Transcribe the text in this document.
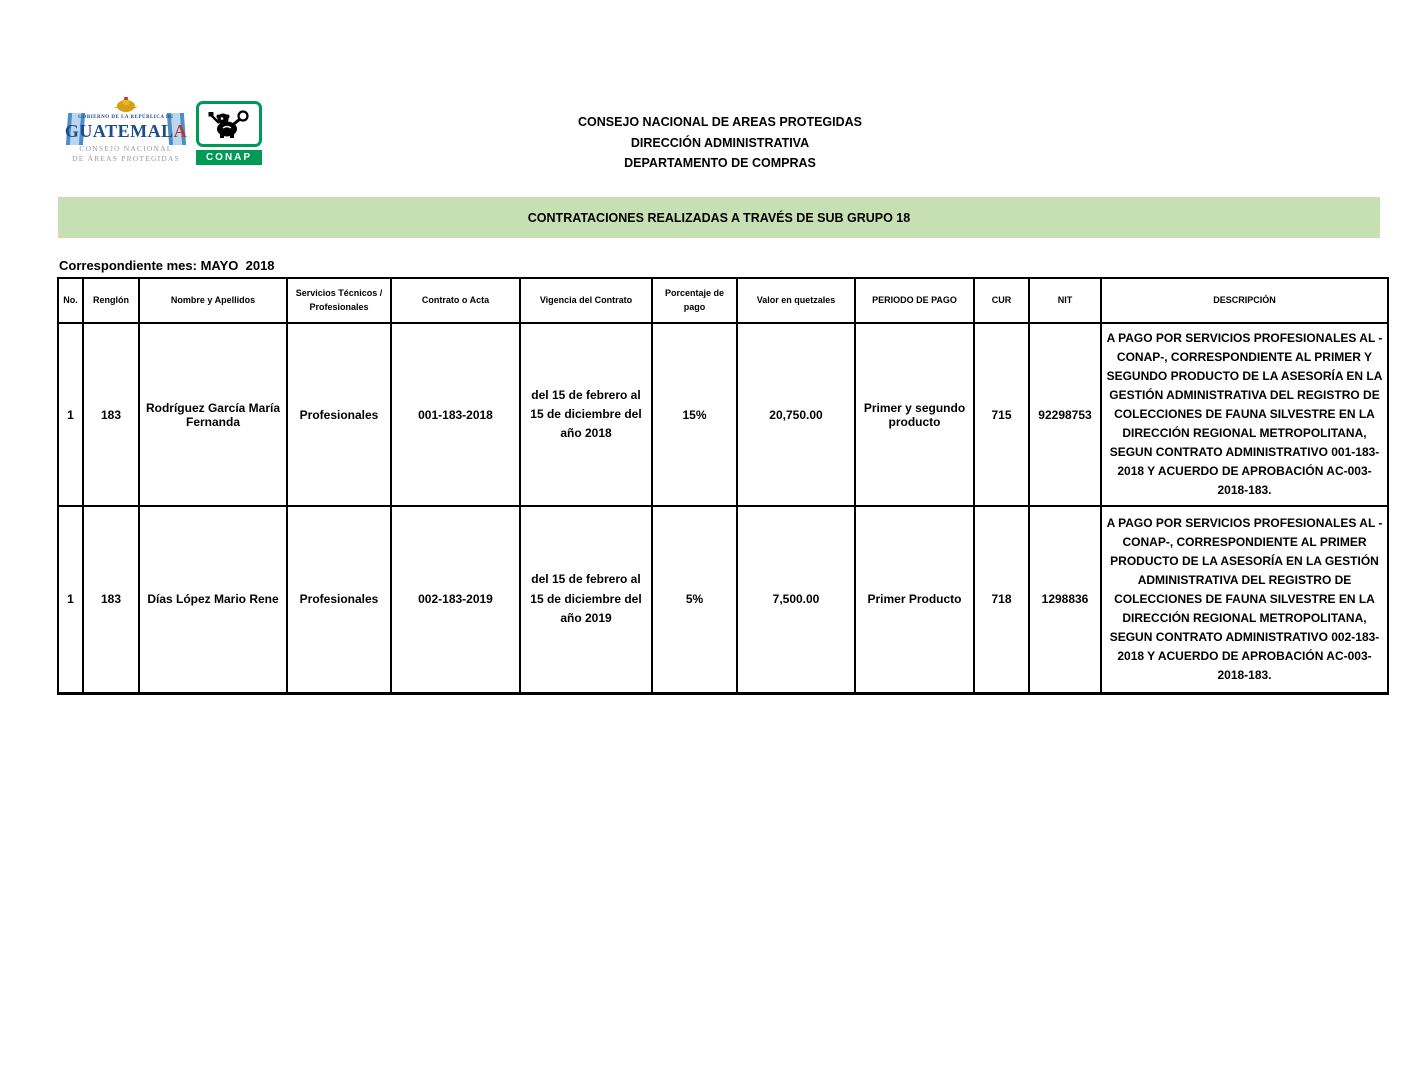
GOBIERNO DE LA REPÚBLICA DE
GUATEMALA
CONSEJO NACIONAL
DE ÁREAS PROTEGIDAS	CONAP
CONSEJO NACIONAL DE AREAS PROTEGIDAS
DIRECCIÓN ADMINISTRATIVA
DEPARTAMENTO DE COMPRAS
CONTRATACIONES REALIZADAS A TRAVÉS DE SUB GRUPO 18
Correspondiente mes: MAYO  2018
No.	Renglón	Nombre y Apellidos	Servicios Técnicos / Profesionales	Contrato o Acta	Vigencia del Contrato	Porcentaje de pago	Valor en quetzales	PERIODO DE PAGO	CUR	NIT	DESCRIPCIÓN
1	183	Rodríguez García María Fernanda	Profesionales	001-183-2018	del 15 de febrero al 15 de diciembre del año 2018	15%	20,750.00	Primer y segundo producto	715	92298753	A PAGO POR SERVICIOS PROFESIONALES AL -CONAP-, CORRESPONDIENTE AL PRIMER Y SEGUNDO PRODUCTO DE LA ASESORÍA EN LA GESTIÓN ADMINISTRATIVA DEL REGISTRO DE COLECCIONES DE FAUNA SILVESTRE EN LA DIRECCIÓN REGIONAL METROPOLITANA, SEGUN CONTRATO ADMINISTRATIVO 001-183-2018 Y ACUERDO DE APROBACIÓN AC-003-2018-183.
1	183	Días López Mario Rene	Profesionales	002-183-2019	del 15 de febrero al 15 de diciembre del año 2019	5%	7,500.00	Primer Producto	718	1298836	A PAGO POR SERVICIOS PROFESIONALES AL -CONAP-, CORRESPONDIENTE AL PRIMER PRODUCTO DE LA ASESORÍA EN LA GESTIÓN ADMINISTRATIVA DEL REGISTRO DE COLECCIONES DE FAUNA SILVESTRE EN LA DIRECCIÓN REGIONAL METROPOLITANA, SEGUN CONTRATO ADMINISTRATIVO 002-183-2018 Y ACUERDO DE APROBACIÓN AC-003-2018-183.
